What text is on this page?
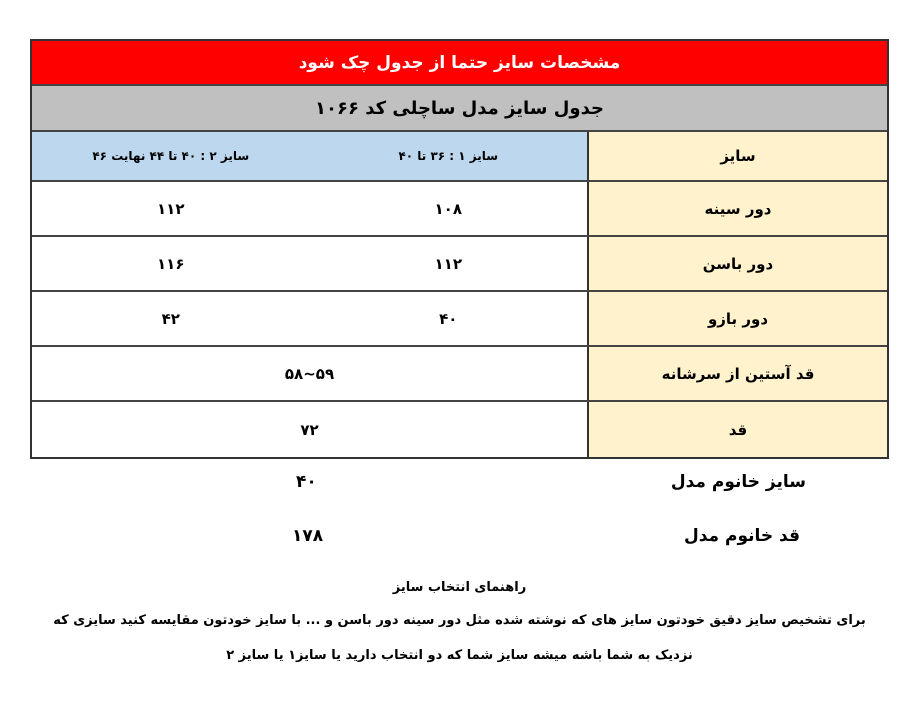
مشخصات سایز حتما از جدول چک شود
جدول سایز مدل ساچلی کد ۱۰۶۶
سایز
سایز ۱ : ۳۶ تا ۴۰
سایز ۲ : ۴۰ تا ۴۴ نهایت ۴۶
دور سینه
۱۰۸
۱۱۲
دور باسن
۱۱۲
۱۱۶
دور بازو
۴۰
۴۲
قد آستین از سرشانه
۵۹~۵۸
قد
۷۲
سایز خانوم مدل
۴۰
قد خانوم مدل
۱۷۸
راهنمای انتخاب سایز
برای تشخیص سایز دقیق خودتون سایز های که نوشته شده مثل دور سینه دور باسن و ... با سایز خودتون مقایسه کنید سایزی که
نزدیک به شما باشه میشه سایز شما که دو انتخاب دارید یا سایز۱ یا سایز ۲
